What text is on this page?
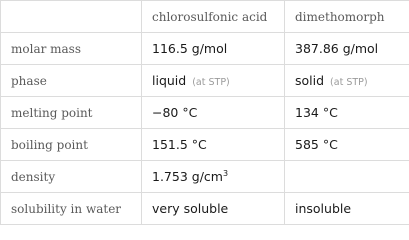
	chlorosulfonic acid	dimethomorph
molar mass	116.5 g/mol	387.86 g/mol
phase	liquid (at STP)	solid (at STP)
melting point	−80 °C	134 °C
boiling point	151.5 °C	585 °C
density	1.753 $g/cm^3$	
solubility in water	very soluble	insoluble
